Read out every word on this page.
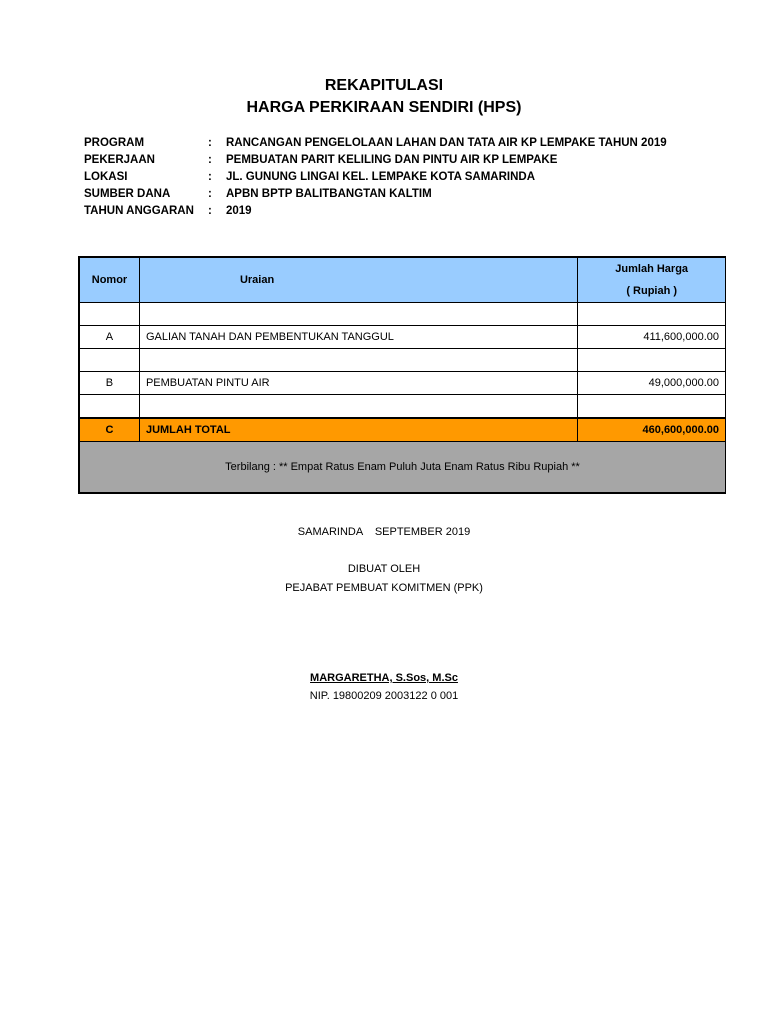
REKAPITULASI
HARGA PERKIRAAN SENDIRI (HPS)
PROGRAM	:	RANCANGAN PENGELOLAAN LAHAN DAN TATA AIR KP LEMPAKE TAHUN 2019
PEKERJAAN	:	PEMBUATAN PARIT KELILING DAN PINTU AIR KP LEMPAKE
LOKASI	:	JL. GUNUNG LINGAI KEL. LEMPAKE KOTA SAMARINDA
SUMBER DANA	:	APBN BPTP BALITBANGTAN KALTIM
TAHUN ANGGARAN	:	2019
Nomor	Uraian	Jumlah Harga
( Rupiah )

A	GALIAN TANAH DAN PEMBENTUKAN TANGGUL	411,600,000.00

B	PEMBUATAN PINTU AIR	49,000,000.00

C	JUMLAH TOTAL	460,600,000.00
Terbilang : ** Empat Ratus Enam Puluh Juta Enam Ratus Ribu Rupiah **		
SAMARINDA    SEPTEMBER 2019
DIBUAT OLEH
PEJABAT PEMBUAT KOMITMEN (PPK)
MARGARETHA, S.Sos, M.Sc
NIP. 19800209 2003122 0 001
